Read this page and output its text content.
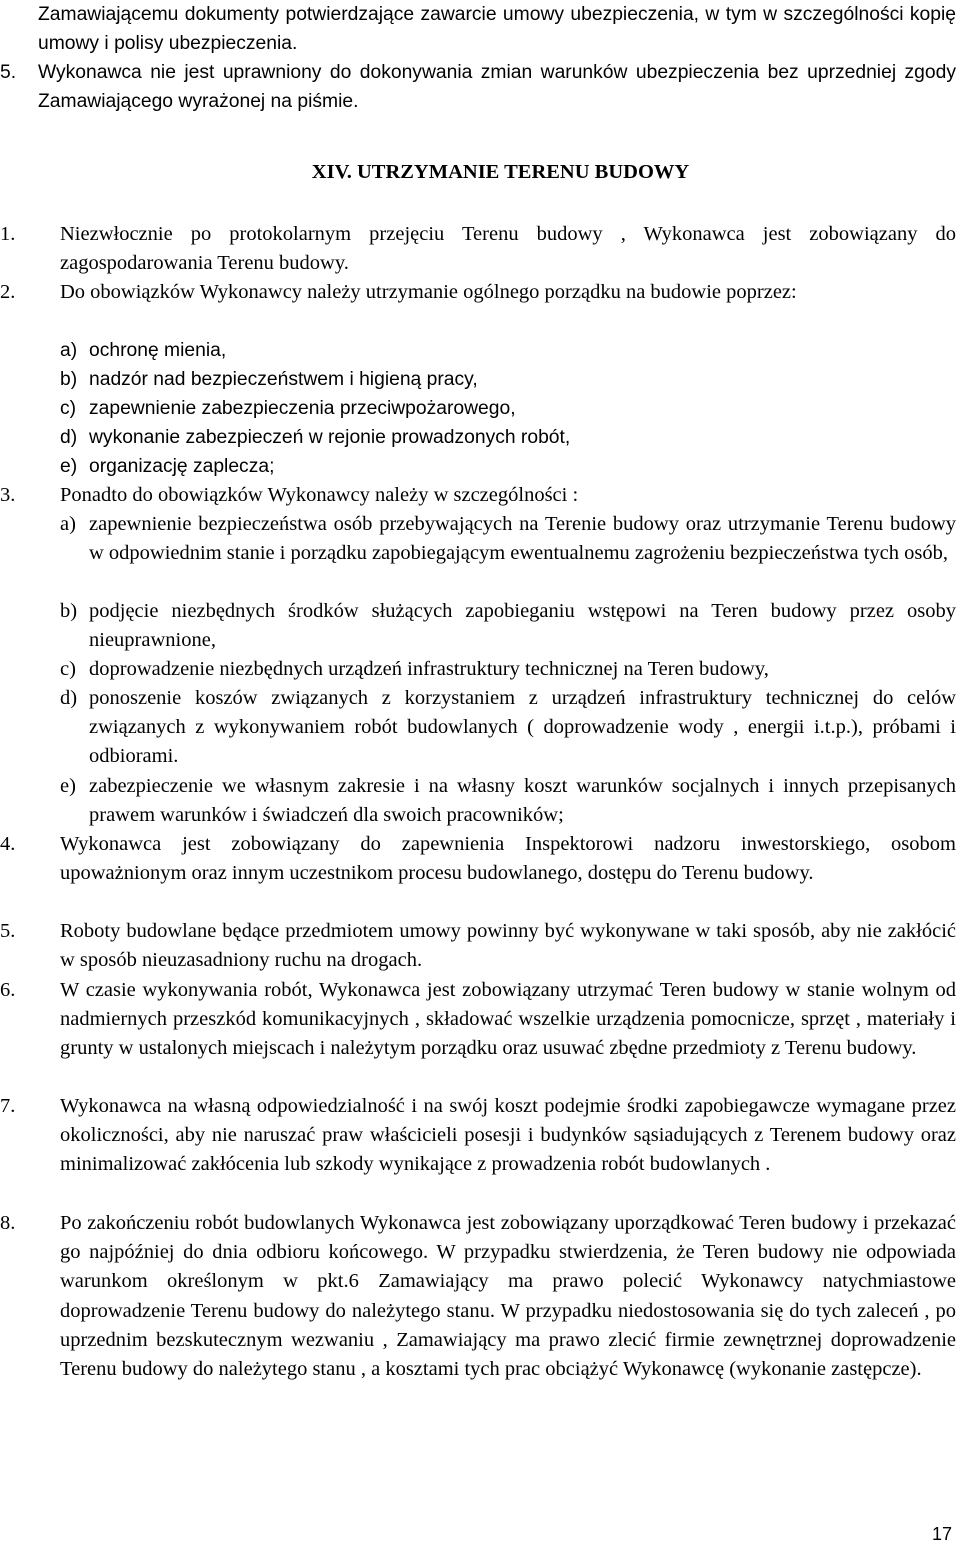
Zamawiającemu dokumenty potwierdzające zawarcie umowy ubezpieczenia, w tym w szczególności kopię umowy i polisy ubezpieczenia.
5.	Wykonawca nie jest uprawniony do dokonywania zmian warunków ubezpieczenia bez uprzedniej zgody Zamawiającego wyrażonej na piśmie.
XIV. UTRZYMANIE TERENU BUDOWY
1.	Niezwłocznie po protokolarnym przejęciu Terenu budowy , Wykonawca jest zobowiązany do zagospodarowania Terenu budowy.
2.	Do obowiązków Wykonawcy należy utrzymanie ogólnego porządku na budowie poprzez:
a) ochronę mienia,
b) nadzór nad bezpieczeństwem i higieną pracy,
c) zapewnienie zabezpieczenia przeciwpożarowego,
d) wykonanie zabezpieczeń w rejonie prowadzonych robót,
e) organizację zaplecza;
3.	Ponadto do obowiązków Wykonawcy należy w szczególności :
a) zapewnienie bezpieczeństwa osób przebywających na Terenie budowy oraz utrzymanie Terenu budowy w odpowiednim stanie i porządku zapobiegającym ewentualnemu zagrożeniu bezpieczeństwa tych osób,
b) podjęcie niezbędnych środków służących zapobieganiu wstępowi na Teren budowy przez osoby nieuprawnione,
c) doprowadzenie niezbędnych urządzeń infrastruktury technicznej na Teren budowy,
d) ponoszenie koszów związanych z korzystaniem z urządzeń infrastruktury technicznej do celów związanych z wykonywaniem robót budowlanych ( doprowadzenie wody , energii i.t.p.), próbami i odbiorami.
e) zabezpieczenie we własnym zakresie i na własny koszt warunków socjalnych i innych przepisanych prawem warunków i świadczeń dla swoich pracowników;
4.	Wykonawca jest zobowiązany do zapewnienia Inspektorowi nadzoru inwestorskiego, osobom upoważnionym oraz innym uczestnikom procesu budowlanego, dostępu do Terenu budowy.
5.	Roboty budowlane będące przedmiotem umowy powinny być wykonywane w taki sposób, aby nie zakłócić w sposób nieuzasadniony ruchu na drogach.
6.	W czasie wykonywania robót, Wykonawca jest zobowiązany utrzymać Teren budowy w stanie wolnym od nadmiernych przeszkód komunikacyjnych , składować wszelkie urządzenia pomocnicze, sprzęt , materiały i grunty w ustalonych miejscach i należytym porządku oraz usuwać zbędne przedmioty z Terenu budowy.
7.	Wykonawca na własną odpowiedzialność i na swój koszt podejmie środki zapobiegawcze wymagane przez okoliczności, aby nie naruszać praw właścicieli posesji i budynków sąsiadujących z Terenem budowy oraz minimalizować zakłócenia lub szkody wynikające z prowadzenia robót budowlanych .
8.	Po zakończeniu robót budowlanych Wykonawca jest zobowiązany uporządkować Teren budowy i przekazać go najpóźniej do dnia odbioru końcowego. W przypadku stwierdzenia, że Teren budowy nie odpowiada warunkom określonym w pkt.6 Zamawiający ma prawo polecić Wykonawcy natychmiastowe doprowadzenie Terenu budowy do należytego stanu. W przypadku niedostosowania się do tych zaleceń , po uprzednim bezskutecznym wezwaniu , Zamawiający ma prawo zlecić firmie zewnętrznej doprowadzenie Terenu budowy do należytego stanu , a kosztami tych prac obciążyć Wykonawcę (wykonanie zastępcze).
17
